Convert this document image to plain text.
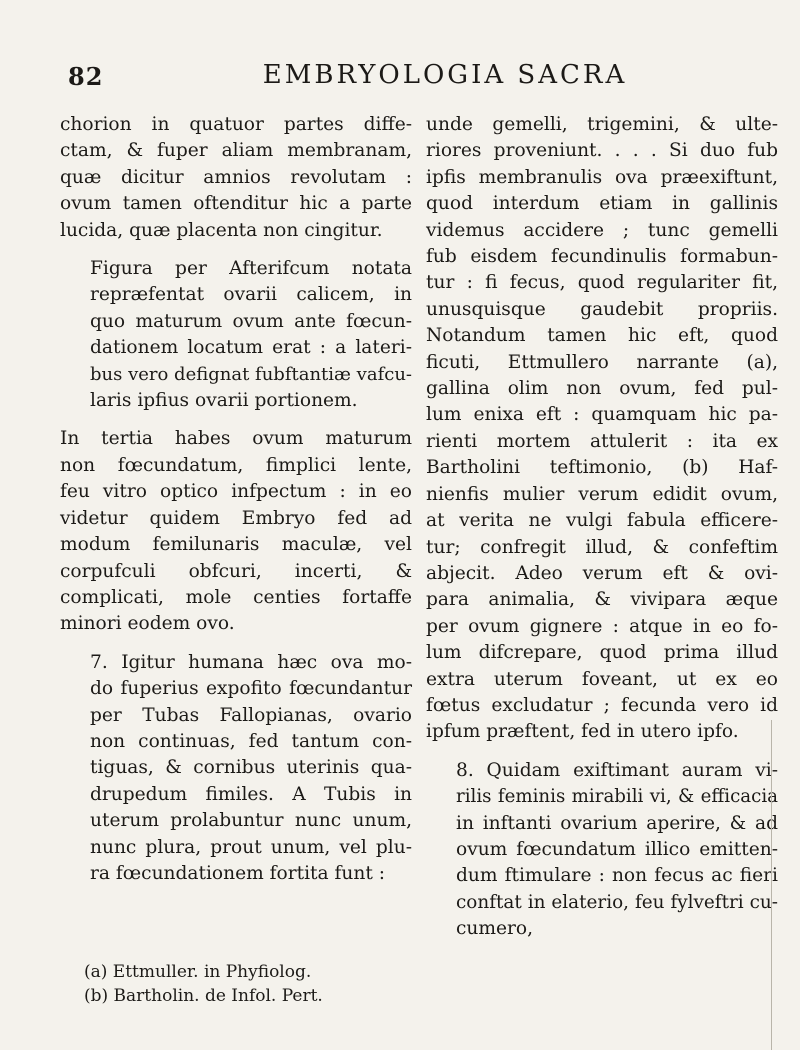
82	EMBRYOLOGIA SACRA
chorion in quatuor partes diffe-
ctam, & fuper aliam membranam,
quæ dicitur amnios revolutam :
ovum tamen oftenditur hic a parte
lucida, quæ placenta non cingitur.
Figura per Afterifcum notata
repræfentat ovarii calicem, in
quo maturum ovum ante fœcun-
dationem locatum erat : a lateri-
bus vero defignat fubftantiæ vafcu-
laris ipfius ovarii portionem.
In tertia habes ovum maturum
non fœcundatum, fimplici lente,
feu vitro optico infpectum : in eo
videtur quidem Embryo fed ad
modum femilunaris maculæ, vel
corpufculi obfcuri, incerti, &
complicati, mole centies fortaffe
minori eodem ovo.
7. Igitur humana hæc ova mo-
do fuperius expofito fœcundantur
per Tubas Fallopianas, ovario
non continuas, fed tantum con-
tiguas, & cornibus uterinis qua-
drupedum fimiles. A Tubis in
uterum prolabuntur nunc unum,
nunc plura, prout unum, vel plu-
ra fœcundationem fortita funt :
unde gemelli, trigemini, & ulte-
riores proveniunt. . . . Si duo fub
ipfis membranulis ova præexiftunt,
quod interdum etiam in gallinis
videmus accidere ; tunc gemelli
fub eisdem fecundinulis formabun-
tur : fi fecus, quod regulariter fit,
unusquisque gaudebit propriis.
Notandum tamen hic eft, quod
ficuti, Ettmullero narrante (a),
gallina olim non ovum, fed pul-
lum enixa eft : quamquam hic pa-
rienti mortem attulerit : ita ex
Bartholini teftimonio, (b) Haf-
nienfis mulier verum edidit ovum,
at verita ne vulgi fabula efficere-
tur; confregit illud, & confeftim
abjecit. Adeo verum eft & ovi-
para animalia, & vivipara æque
per ovum gignere : atque in eo fo-
lum difcrepare, quod prima illud
extra uterum foveant, ut ex eo
fœtus excludatur ; fecunda vero id
ipfum præftent, fed in utero ipfo.
8. Quidam exiftimant auram vi-
rilis feminis mirabili vi, & efficacia
in inftanti ovarium aperire, & ad
ovum fœcundatum illico emitten-
dum ftimulare : non fecus ac fieri
conftat in elaterio, feu fylveftri cu-
cumero,
(a) Ettmuller. in Phyfiolog.
(b) Bartholin. de Infol. Pert.
